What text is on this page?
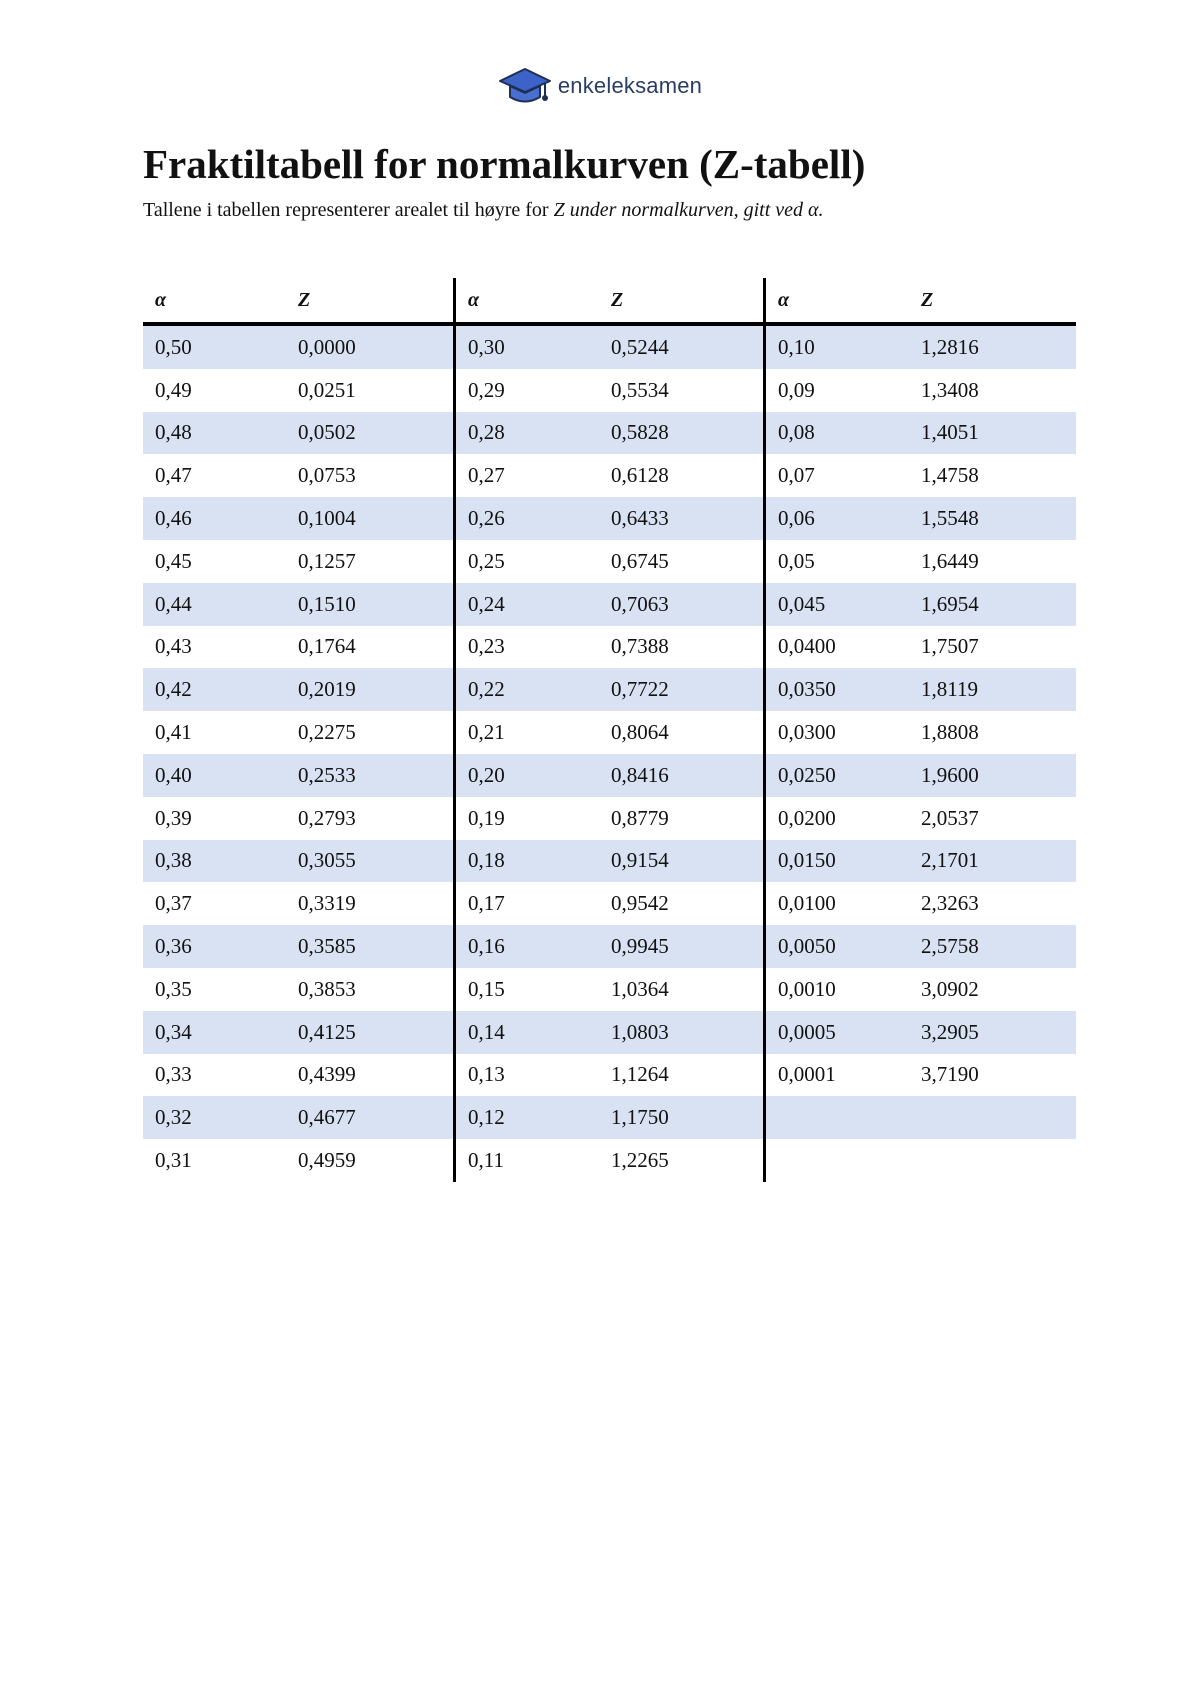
enkeleksamen
Fraktiltabell for normalkurven (Z-tabell)

Tallene i tabellen representerer arealet til høyre for Z under normalkurven, gitt ved α.

α	Z
0,50	0,0000
0,49	0,0251
0,48	0,0502
0,47	0,0753
0,46	0,1004
0,45	0,1257
0,44	0,1510
0,43	0,1764
0,42	0,2019
0,41	0,2275
0,40	0,2533
0,39	0,2793
0,38	0,3055
0,37	0,3319
0,36	0,3585
0,35	0,3853
0,34	0,4125
0,33	0,4399
0,32	0,4677
0,31	0,4959
α	Z
0,30	0,5244
0,29	0,5534
0,28	0,5828
0,27	0,6128
0,26	0,6433
0,25	0,6745
0,24	0,7063
0,23	0,7388
0,22	0,7722
0,21	0,8064
0,20	0,8416
0,19	0,8779
0,18	0,9154
0,17	0,9542
0,16	0,9945
0,15	1,0364
0,14	1,0803
0,13	1,1264
0,12	1,1750
0,11	1,2265
α	Z
0,10	1,2816
0,09	1,3408
0,08	1,4051
0,07	1,4758
0,06	1,5548
0,05	1,6449
0,045	1,6954
0,0400	1,7507
0,0350	1,8119
0,0300	1,8808
0,0250	1,9600
0,0200	2,0537
0,0150	2,1701
0,0100	2,3263
0,0050	2,5758
0,0010	3,0902
0,0005	3,2905
0,0001	3,7190
